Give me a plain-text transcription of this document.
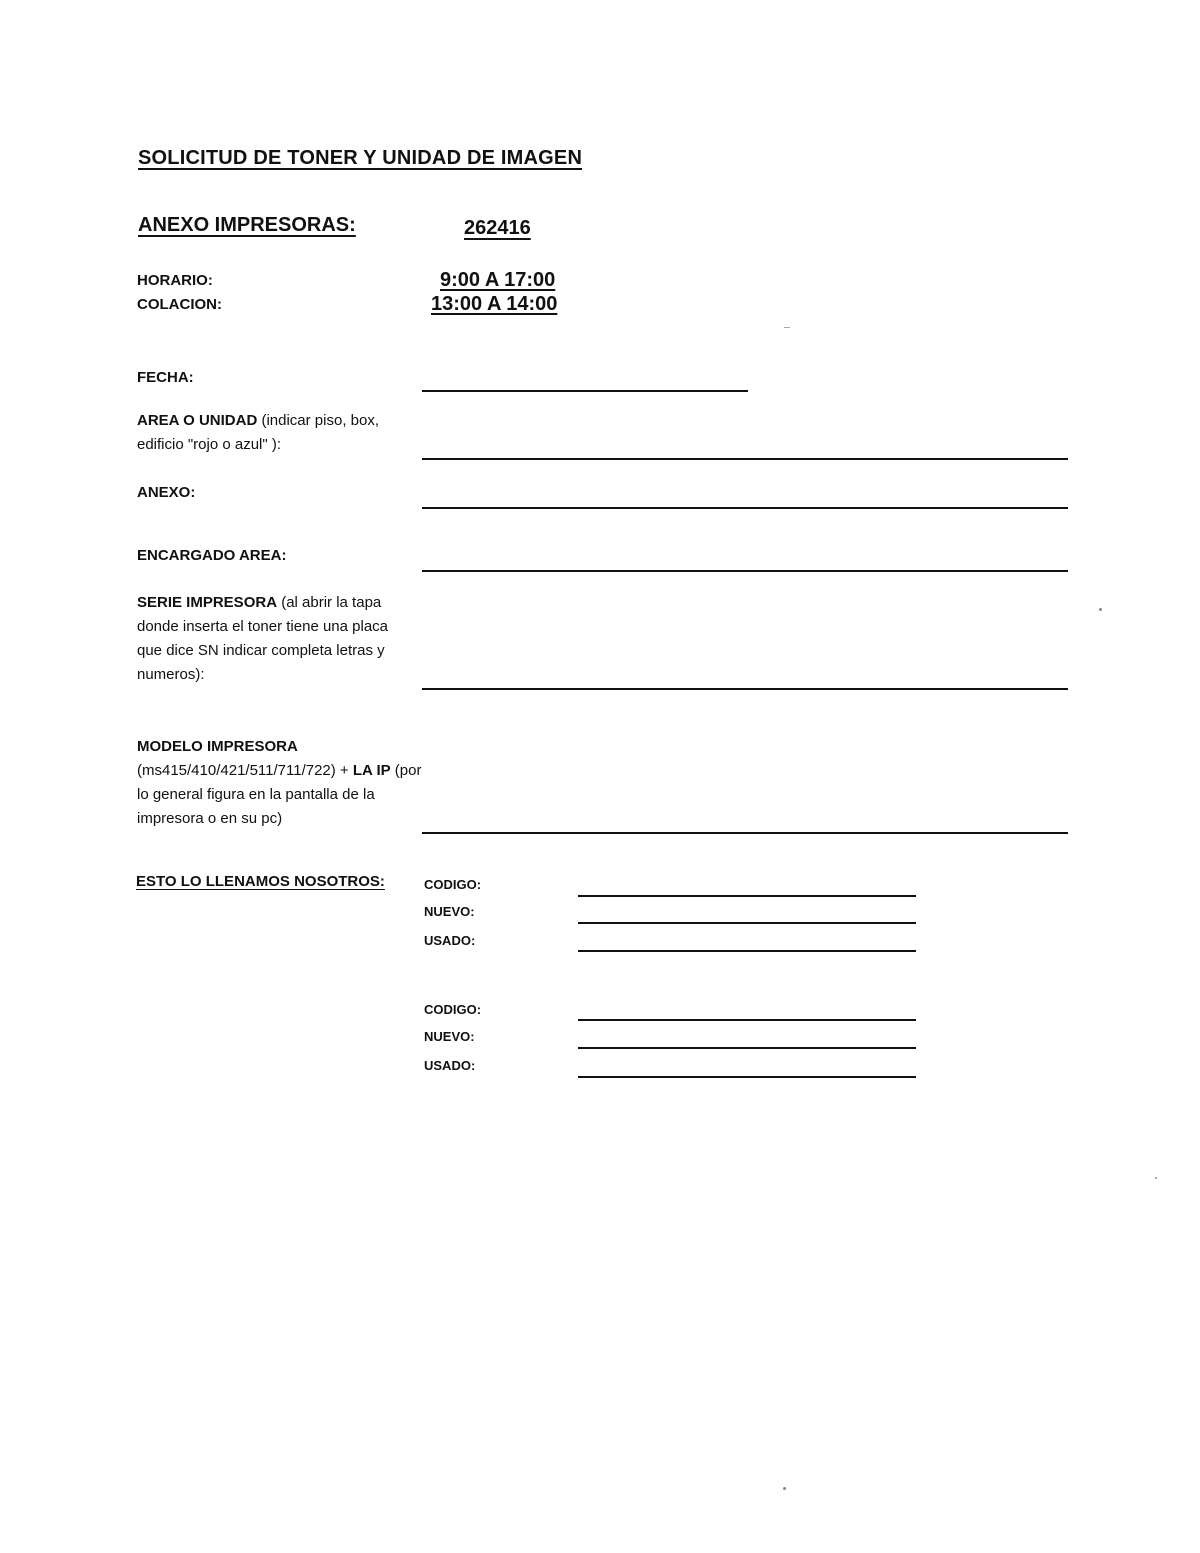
SOLICITUD DE TONER Y UNIDAD DE IMAGEN
ANEXO IMPRESORAS:	262416
HORARIO:	9:00 A 17:00
COLACION:	13:00 A 14:00
FECHA:
AREA O UNIDAD (indicar piso, box, edificio "rojo o azul" ):
ANEXO:
ENCARGADO AREA:
SERIE IMPRESORA (al abrir la tapa donde inserta el toner tiene una placa que dice SN indicar completa letras y numeros):
MODELO IMPRESORA
(ms415/410/421/511/711/722) + LA IP (por lo general figura en la pantalla de la impresora o en su pc)
ESTO LO LLENAMOS NOSOTROS:	CODIGO:
NUEVO:
USADO:
CODIGO:
NUEVO:
USADO:
